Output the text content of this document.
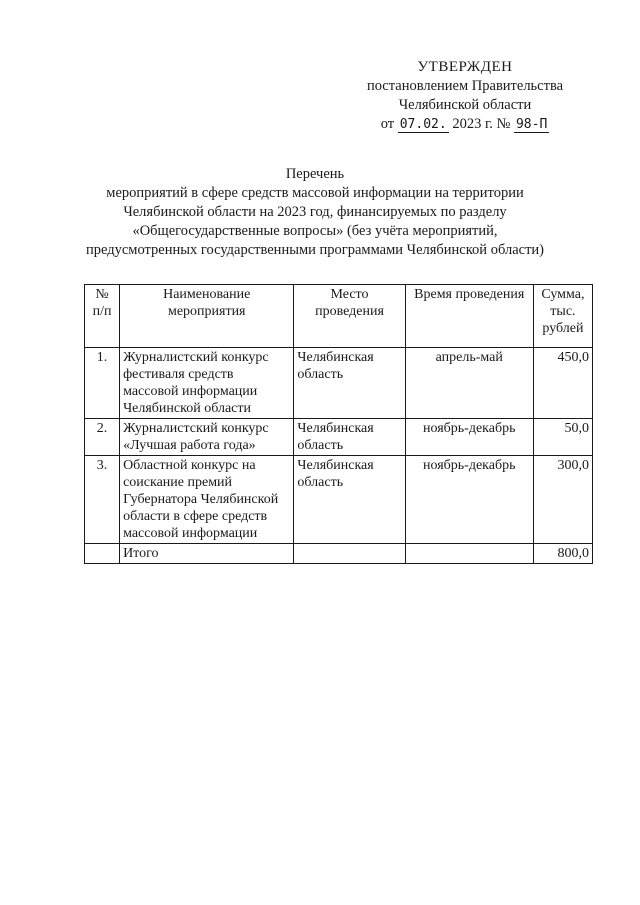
УТВЕРЖДЕН
постановлением Правительства
Челябинской области
от 07.02. 2023 г. № 98-П
Перечень
мероприятий в сфере средств массовой информации на территории
Челябинской области на 2023 год, финансируемых по разделу
«Общегосударственные вопросы» (без учёта мероприятий,
предусмотренных государственными программами Челябинской области)
№ п/п	Наименование мероприятия	Место проведения	Время проведения	Сумма, тыс. рублей
1.	Журналистский конкурс фестиваля средств массовой информации Челябинской области	Челябинская область	апрель-май	450,0
2.	Журналистский конкурс «Лучшая работа года»	Челябинская область	ноябрь-декабрь	50,0
3.	Областной конкурс на соискание премий Губернатора Челябинской области в сфере средств массовой информации	Челябинская область	ноябрь-декабрь	300,0
	Итого			800,0
